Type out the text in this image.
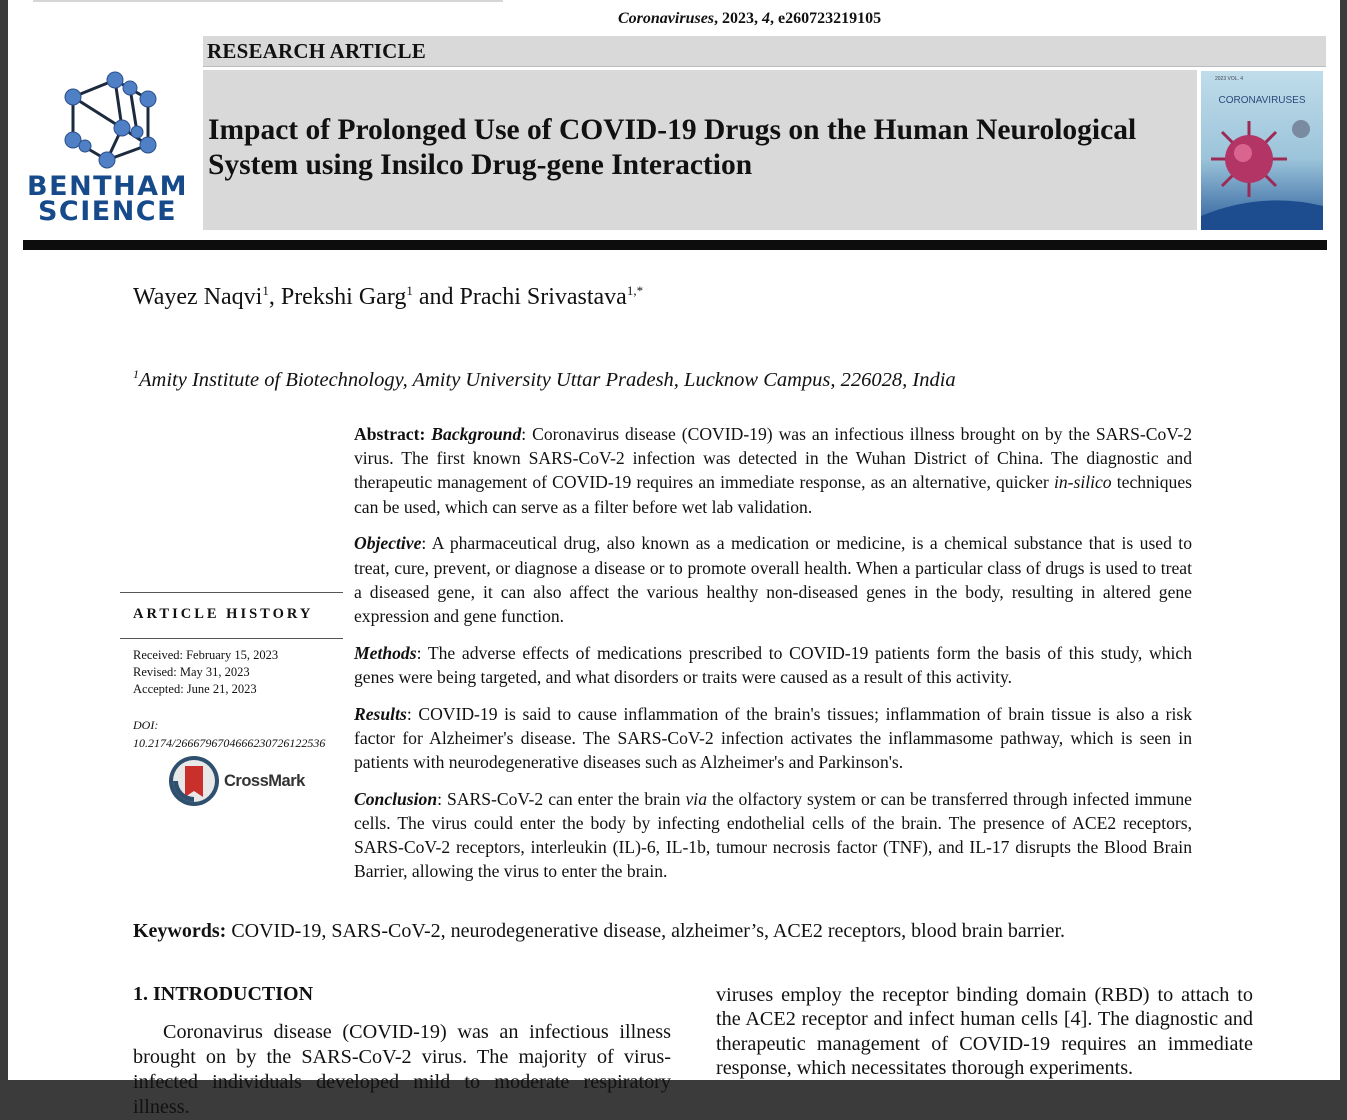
Coronaviruses, 2023, 4, e260723219105
RESEARCH ARTICLE
BENTHAM
SCIENCE
Impact of Prolonged Use of COVID-19 Drugs on the Human Neurological System using Insilco Drug-gene Interaction
2023 VOL. 4
CORONAVIRUSES
Wayez Naqvi$^1$, Prekshi Garg$^1$ and Prachi Srivastava$^{1,*}$
$^1$Amity Institute of Biotechnology, Amity University Uttar Pradesh, Lucknow Campus, 226028, India

Abstract: Background: Coronavirus disease (COVID-19) was an infectious illness brought on by the SARS-CoV-2 virus. The first known SARS-CoV-2 infection was detected in the Wuhan District of China. The diagnostic and therapeutic management of COVID-19 requires an immediate response, as an alternative, quicker in-silico techniques can be used, which can serve as a filter before wet lab validation.

Objective: A pharmaceutical drug, also known as a medication or medicine, is a chemical substance that is used to treat, cure, prevent, or diagnose a disease or to promote overall health. When a particular class of drugs is used to treat a diseased gene, it can also affect the various healthy non-diseased genes in the body, resulting in altered gene expression and gene function.

Methods: The adverse effects of medications prescribed to COVID-19 patients form the basis of this study, which genes were being targeted, and what disorders or traits were caused as a result of this activity.

Results: COVID-19 is said to cause inflammation of the brain's tissues; inflammation of brain tissue is also a risk factor for Alzheimer's disease. The SARS-CoV-2 infection activates the inflammasome pathway, which is seen in patients with neurodegenerative diseases such as Alzheimer's and Parkinson's.

Conclusion: SARS-CoV-2 can enter the brain via the olfactory system or can be transferred through infected immune cells. The virus could enter the body by infecting endothelial cells of the brain. The presence of ACE2 receptors, SARS-CoV-2 receptors, interleukin (IL)-6, IL-1b, tumour necrosis factor (TNF), and IL-17 disrupts the Blood Brain Barrier, allowing the virus to enter the brain.

ARTICLE HISTORY
Received: February 15, 2023
Revised: May 31, 2023
Accepted: June 21, 2023
DOI:
10.2174/2666796704666230726122536
CrossMark
Keywords: COVID-19, SARS-CoV-2, neurodegenerative disease, alzheimer’s, ACE2 receptors, blood brain barrier.
1. INTRODUCTION
Coronavirus disease (COVID-19) was an infectious illness brought on by the SARS-CoV-2 virus. The majority of virus-infected individuals developed mild to moderate respiratory illness.
viruses employ the receptor binding domain (RBD) to attach to the ACE2 receptor and infect human cells [4]. The diagnostic and therapeutic management of COVID-19 requires an immediate response, which necessitates thorough experiments.
